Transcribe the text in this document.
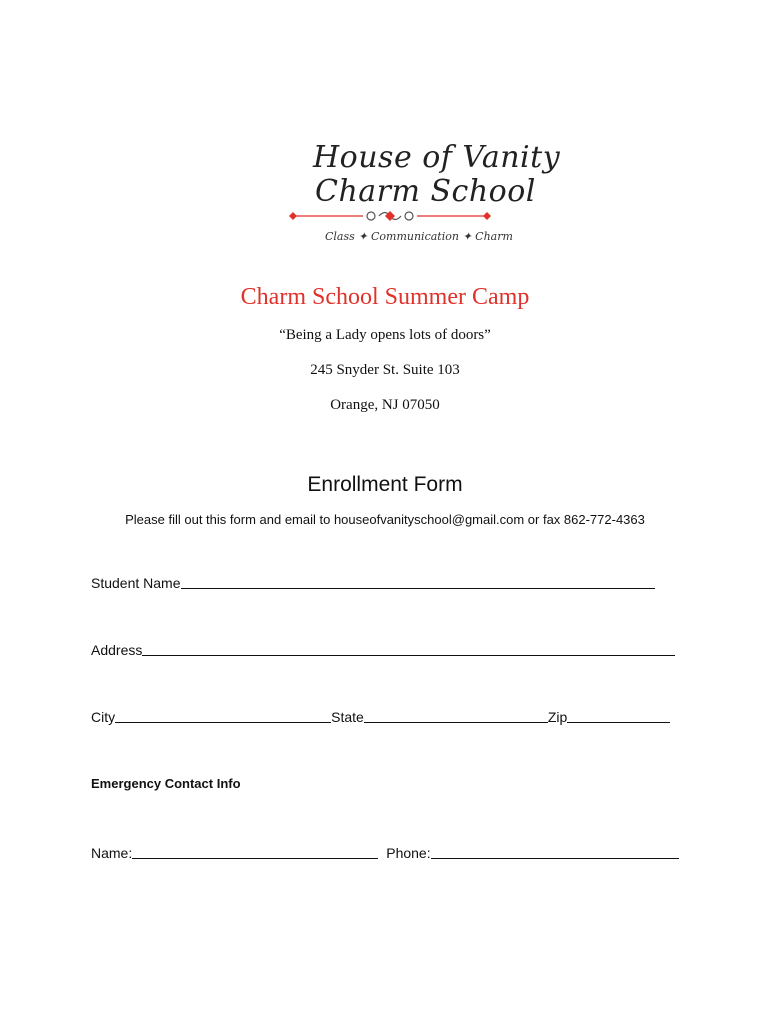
House of Vanity
Charm School
Class ✦ Communication ✦ Charm
Charm School Summer Camp
“Being a Lady opens lots of doors”
245 Snyder St. Suite 103
Orange, NJ 07050
Enrollment Form
Please fill out this form and email to houseofvanityschool@gmail.com or fax 862-772-4363
Student Name
Address
City	State	Zip
Emergency Contact Info
Name:	Phone:
